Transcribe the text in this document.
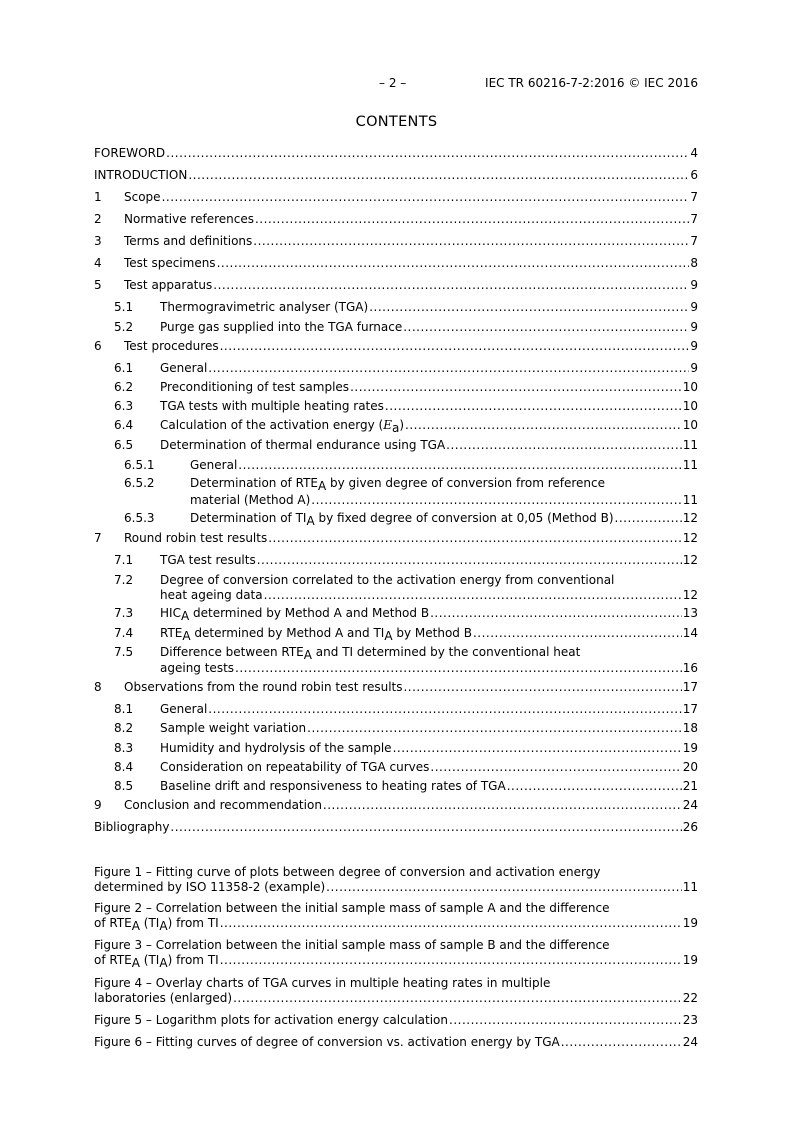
– 2 –	IEC TR 60216-7-2:2016 © IEC 2016
CONTENTS
FOREWORD .....	4
INTRODUCTION .....	6
1	Scope .....	7
2	Normative references .....	7
3	Terms and definitions .....	7
4	Test specimens .....	8
5	Test apparatus .....	9
5.1	Thermogravimetric analyser (TGA) .....	9
5.2	Purge gas supplied into the TGA furnace .....	9
6	Test procedures .....	9
6.1	General .....	9
6.2	Preconditioning of test samples .....	10
6.3	TGA tests with multiple heating rates .....	10
6.4	Calculation of the activation energy $(E_a)$ .....	10
6.5	Determination of thermal endurance using TGA .....	11
6.5.1	General .....	11
6.5.2	Determination of $RTE_A$ by given degree of conversion from reference
material (Method A) .....	11
6.5.3	Determination of $TI_A$ by fixed degree of conversion at 0,05 (Method B) .....	12
7	Round robin test results .....	12
7.1	TGA test results .....	12
7.2	Degree of conversion correlated to the activation energy from conventional
heat ageing data .....	12
7.3	$HIC_A$ determined by Method A and Method B .....	13
7.4	$RTE_A$ determined by Method A and $TI_A$ by Method B .....	14
7.5	Difference between $RTE_A$ and TI determined by the conventional heat
ageing tests .....	16
8	Observations from the round robin test results .....	17
8.1	General .....	17
8.2	Sample weight variation .....	18
8.3	Humidity and hydrolysis of the sample .....	19
8.4	Consideration on repeatability of TGA curves .....	20
8.5	Baseline drift and responsiveness to heating rates of TGA .....	21
9	Conclusion and recommendation .....	24
Bibliography .....	26
Figure 1 – Fitting curve of plots between degree of conversion and activation energy
determined by ISO 11358-2 (example) .....	11
Figure 2 – Correlation between the initial sample mass of sample A and the difference
of $RTE_A$ $(TI_A)$ from TI .....	19
Figure 3 – Correlation between the initial sample mass of sample B and the difference
of $RTE_A$ $(TI_A)$ from TI .....	19
Figure 4 – Overlay charts of TGA curves in multiple heating rates in multiple
laboratories (enlarged) .....	22
Figure 5 – Logarithm plots for activation energy calculation .....	23
Figure 6 – Fitting curves of degree of conversion vs. activation energy by TGA .....	24
